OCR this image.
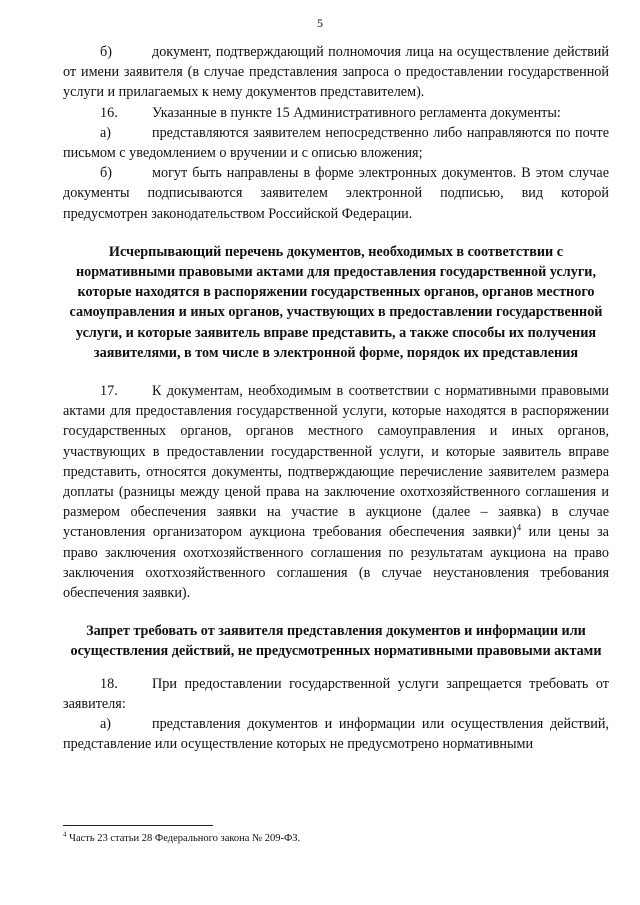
5

б)	документ, подтверждающий полномочия лица на осуществление действий от имени заявителя (в случае представления запроса о предоставлении государственной услуги и прилагаемых к нему документов представителем).

16. Указанные в пункте 15 Административного регламента документы:

а)	представляются заявителем непосредственно либо направляются по почте письмом с уведомлением о вручении и с описью вложения;

б)	могут быть направлены в форме электронных документов. В этом случае документы подписываются заявителем электронной подписью, вид которой предусмотрен законодательством Российской Федерации.

Исчерпывающий перечень документов, необходимых в соответствии с нормативными правовыми актами для предоставления государственной услуги, которые находятся в распоряжении государственных органов, органов местного самоуправления и иных органов, участвующих в предоставлении государственной услуги, и которые заявитель вправе представить, а также способы их получения заявителями, в том числе в электронной форме, порядок их представления

17. К документам, необходимым в соответствии с нормативными правовыми актами для предоставления государственной услуги, которые находятся в распоряжении государственных органов, органов местного самоуправления и иных органов, участвующих в предоставлении государственной услуги, и которые заявитель вправе представить, относятся документы, подтверждающие перечисление заявителем размера доплаты (разницы между ценой права на заключение охотхозяйственного соглашения и размером обеспечения заявки на участие в аукционе (далее – заявка) в случае установления организатором аукциона требования обеспечения заявки)$^4$ или цены за право заключения охотхозяйственного соглашения по результатам аукциона на право заключения охотхозяйственного соглашения (в случае неустановления требования обеспечения заявки).

Запрет требовать от заявителя представления документов и информации или осуществления действий, не предусмотренных нормативными правовыми актами

18. При предоставлении государственной услуги запрещается требовать от заявителя:

а)	представления документов и информации или осуществления действий, представление или осуществление которых не предусмотрено нормативными

$^4$ Часть 23 статьи 28 Федерального закона № 209-ФЗ.
